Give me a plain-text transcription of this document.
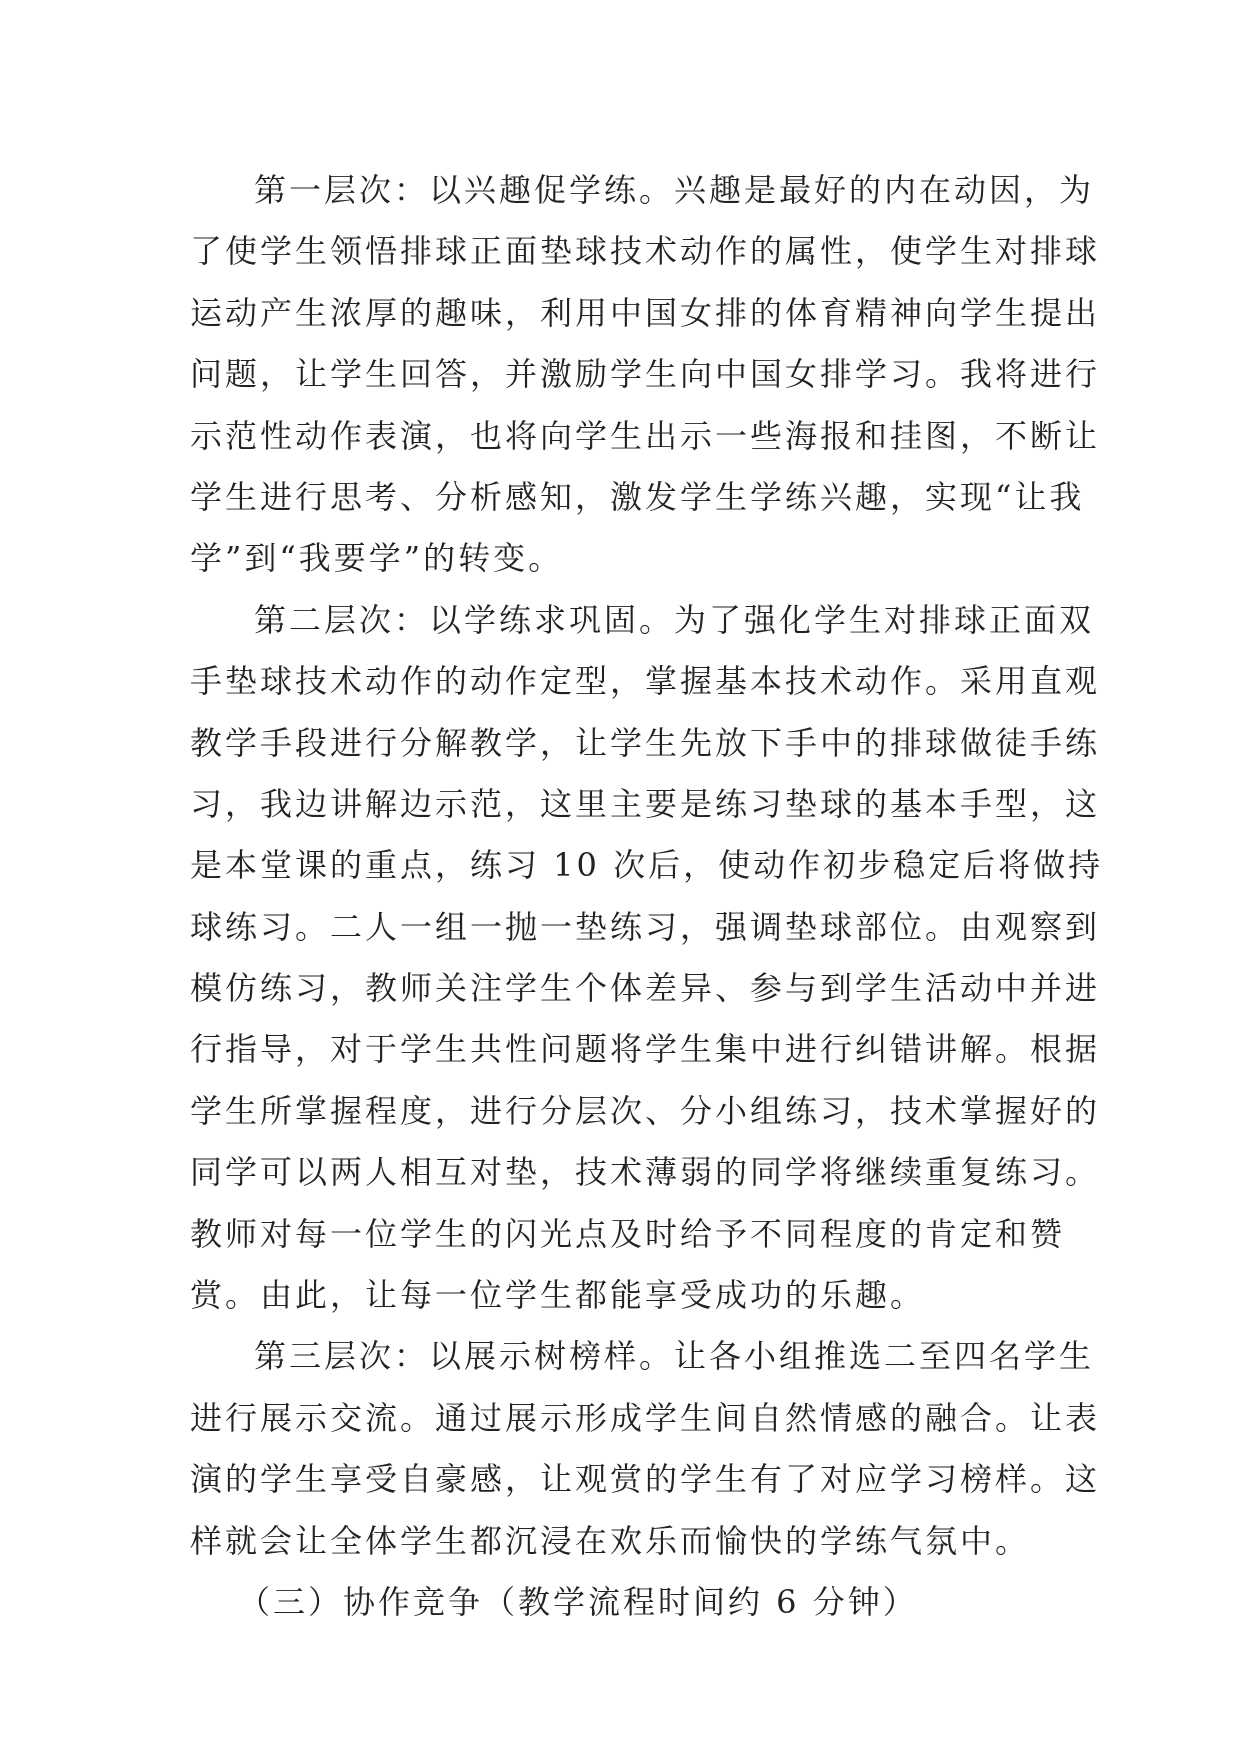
第一层次：以兴趣促学练。兴趣是最好的内在动因，为
了使学生领悟排球正面垫球技术动作的属性，使学生对排球
运动产生浓厚的趣味，利用中国女排的体育精神向学生提出
问题，让学生回答，并激励学生向中国女排学习。我将进行
示范性动作表演，也将向学生出示一些海报和挂图，不断让
学生进行思考、分析感知，激发学生学练兴趣，实现“让我
学”到“我要学”的转变。
第二层次：以学练求巩固。为了强化学生对排球正面双
手垫球技术动作的动作定型，掌握基本技术动作。采用直观
教学手段进行分解教学，让学生先放下手中的排球做徒手练
习，我边讲解边示范，这里主要是练习垫球的基本手型，这
是本堂课的重点，练习 10 次后，使动作初步稳定后将做持
球练习。二人一组一抛一垫练习，强调垫球部位。由观察到
模仿练习，教师关注学生个体差异、参与到学生活动中并进
行指导，对于学生共性问题将学生集中进行纠错讲解。根据
学生所掌握程度，进行分层次、分小组练习，技术掌握好的
同学可以两人相互对垫，技术薄弱的同学将继续重复练习。
教师对每一位学生的闪光点及时给予不同程度的肯定和赞
赏。由此，让每一位学生都能享受成功的乐趣。
第三层次：以展示树榜样。让各小组推选二至四名学生
进行展示交流。通过展示形成学生间自然情感的融合。让表
演的学生享受自豪感，让观赏的学生有了对应学习榜样。这
样就会让全体学生都沉浸在欢乐而愉快的学练气氛中。
（三）协作竞争（教学流程时间约 6 分钟）
